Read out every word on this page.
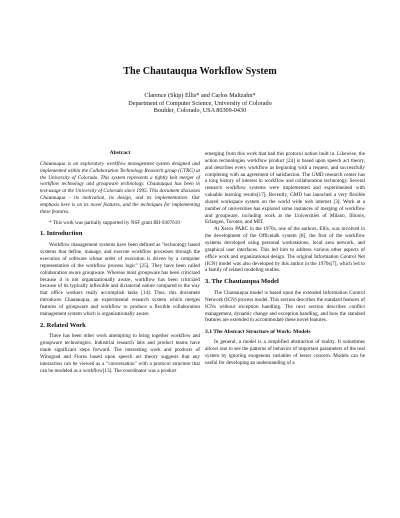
The Chautauqua Workflow System
Clarence (Skip) Ellis* and Carlos Maltzahn*
Department of Computer Science, University of Colorado
Boulder, Colorado, USA 80309-0430
Abstract

Chautauqua is an exploratory workflow management system designed and implemented within the Collaboration Technology Research group (CTRG) at the University of Colorado. This system represents a tightly knit merger of workflow technology and groupware technology. Chautauqua has been in test-usage at the University of Colorado since 1995. This document discusses Chautauqua - its motivation, its design, and its implementation. Our emphasis here is on its novel features, and the techniques for implementing these features.

* This work was partially supported by NSF grant IRI-9307619

1. Introduction

Workflow management systems have been defined as "technology based systems that define, manage, and execute workflow processes through the execution of software whose order of execution is driven by a computer representation of the workflow process logic" [25]. They have been called collaboration aware groupware. Whereas most groupware has been criticized because it is not organizationally aware, workflow has been criticized because of its typically inflexible and dictatorial nature compared to the way that office workers really accomplish tasks [14]. Thus, this document introduces Chautauqua, an experimental research system which merges features of groupware and workflow to produce a flexible collaboration management system which is organizationally aware.

2. Related Work

There has been other work attempting to bring together workflow and groupware technologies. Industrial research labs and product teams have made significant steps forward. The interesting work and products of Winograd and Flores based upon speech act theory suggests that any interaction can be viewed as a "conversation" with a protocol structure that can be modeled as a workflow[13]. The coordinator was a product

emerging from this work that had this protocol notion built in. Likewise, the action technologies workflow product [24] is based upon speech act theory, and describes every workflow as beginning with a request, and successfully completing with an agreement of satisfaction. The GMD research center has a long history of interest in workflow and collaboration technology. Several research workflow systems were implemented and experimented with valuable learning results[17]. Recently, GMD has launched a very flexible shared workspace system on the world wide web internet [3]. Work at a number of universities has explored some instances of merging of workflow and groupware, including work at the Universities of Milano, Illinois, Erlangen, Toronto, and MIT.

At Xerox PARC in the 1970s, one of the authors, Ellis, was involved in the development of the Officetalk system [8], the first of the workflow systems developed using personal workstations, local area network, and graphical user interfaces. This led him to address various other aspects of office work and organizational design. The original Information Control Net (ICN) model was also developed by this author in the 1970s[7], which led to a family of related modeling studies.

3. The Chautauqua Model

The Chautauqua model is based upon the extended Information Control Network (ICN) process model. This section describes the standard features of ICNs without exception handling. The next section describes conflict management, dynamic change and exception handling, and how the standard features are extended to accommodate these novel features.

3.1 The Abstract Structure of Work: Models

In general, a model is a simplified abstraction of reality. It sometimes allows one to see the patterns of behavior of important parameters of the real system by ignoring exogenous variables of lesser concern. Models can be useful for developing an understanding of a
